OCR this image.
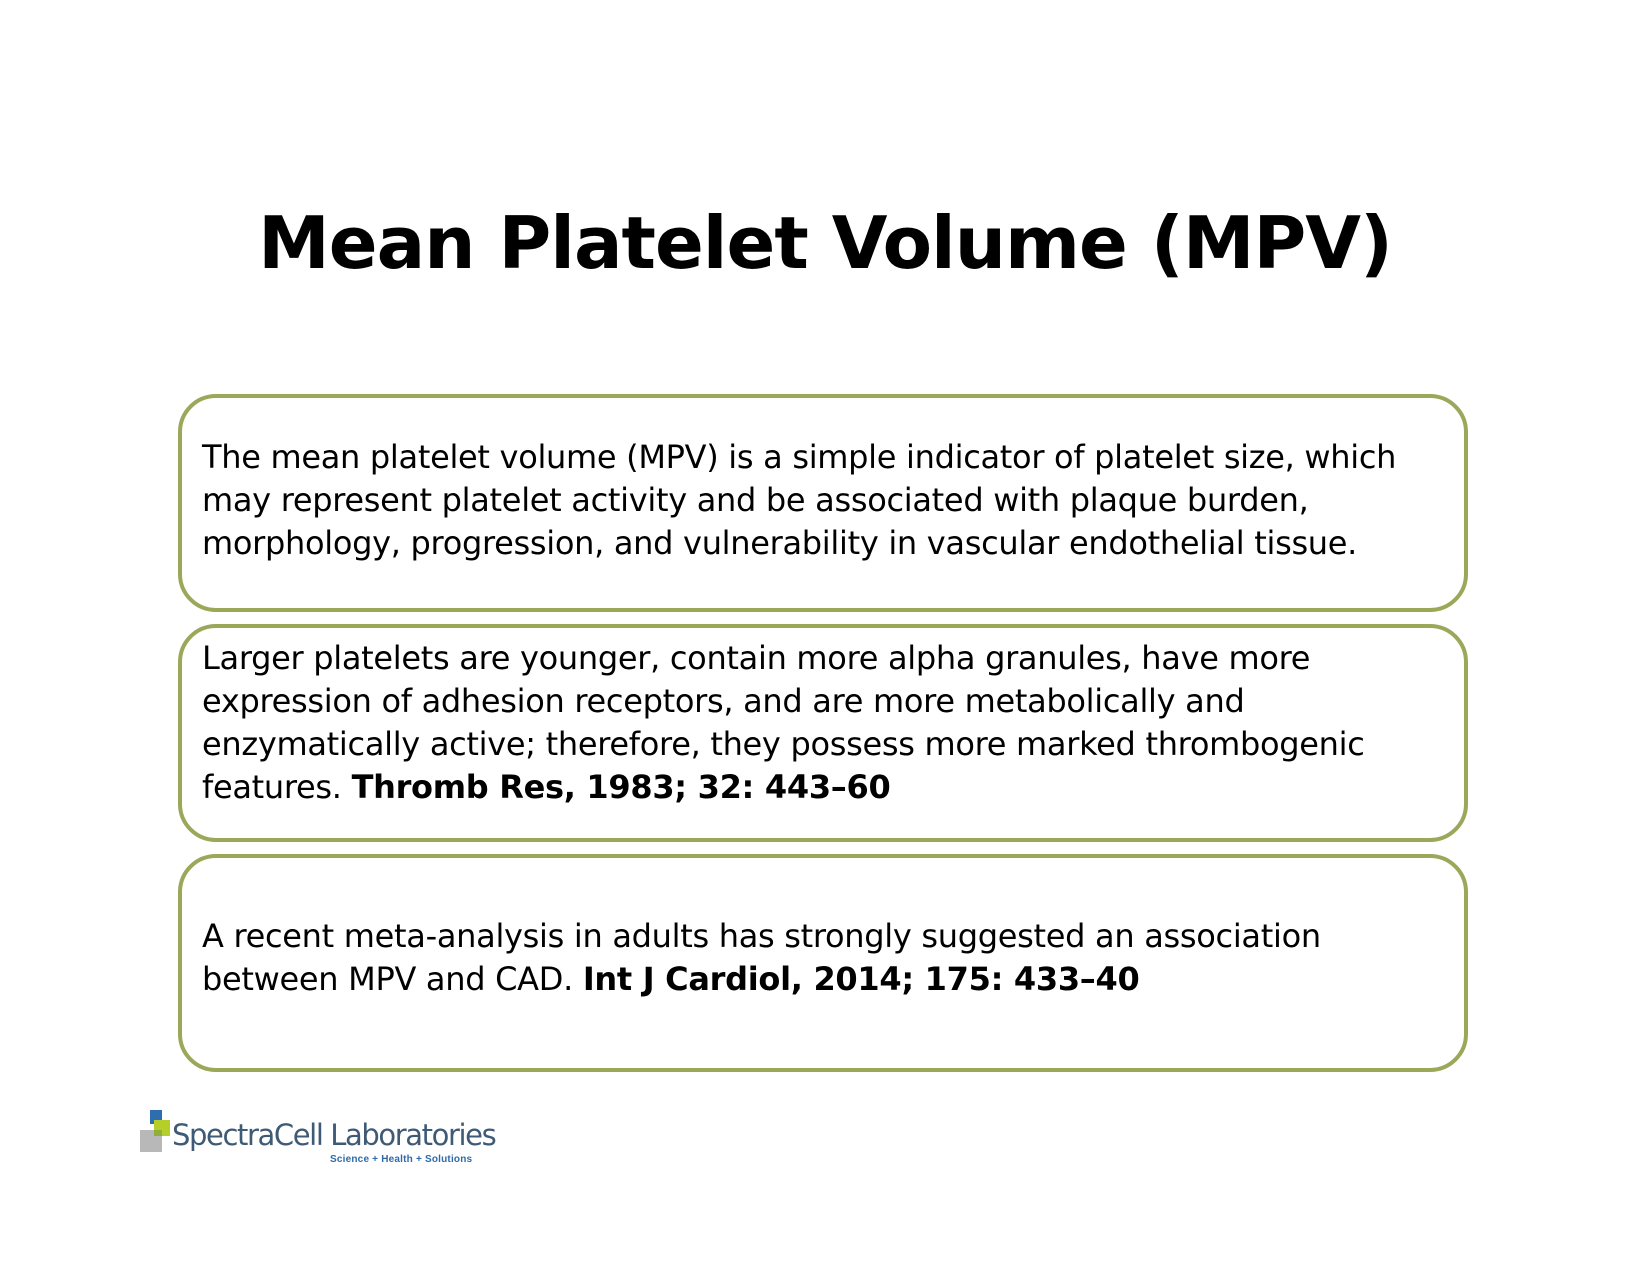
Mean Platelet Volume (MPV)

The mean platelet volume (MPV) is a simple indicator of platelet size, which may represent platelet activity and be associated with plaque burden, morphology, progression, and vulnerability in vascular endothelial tissue.

Larger platelets are younger, contain more alpha granules, have more expression of adhesion receptors, and are more metabolically and enzymatically active; therefore, they possess more marked thrombogenic features. Thromb Res, 1983; 32: 443–60

A recent meta-analysis in adults has strongly suggested an association between MPV and CAD. Int J Cardiol, 2014; 175: 433–40

SpectraCell Laboratories
Science + Health + Solutions
